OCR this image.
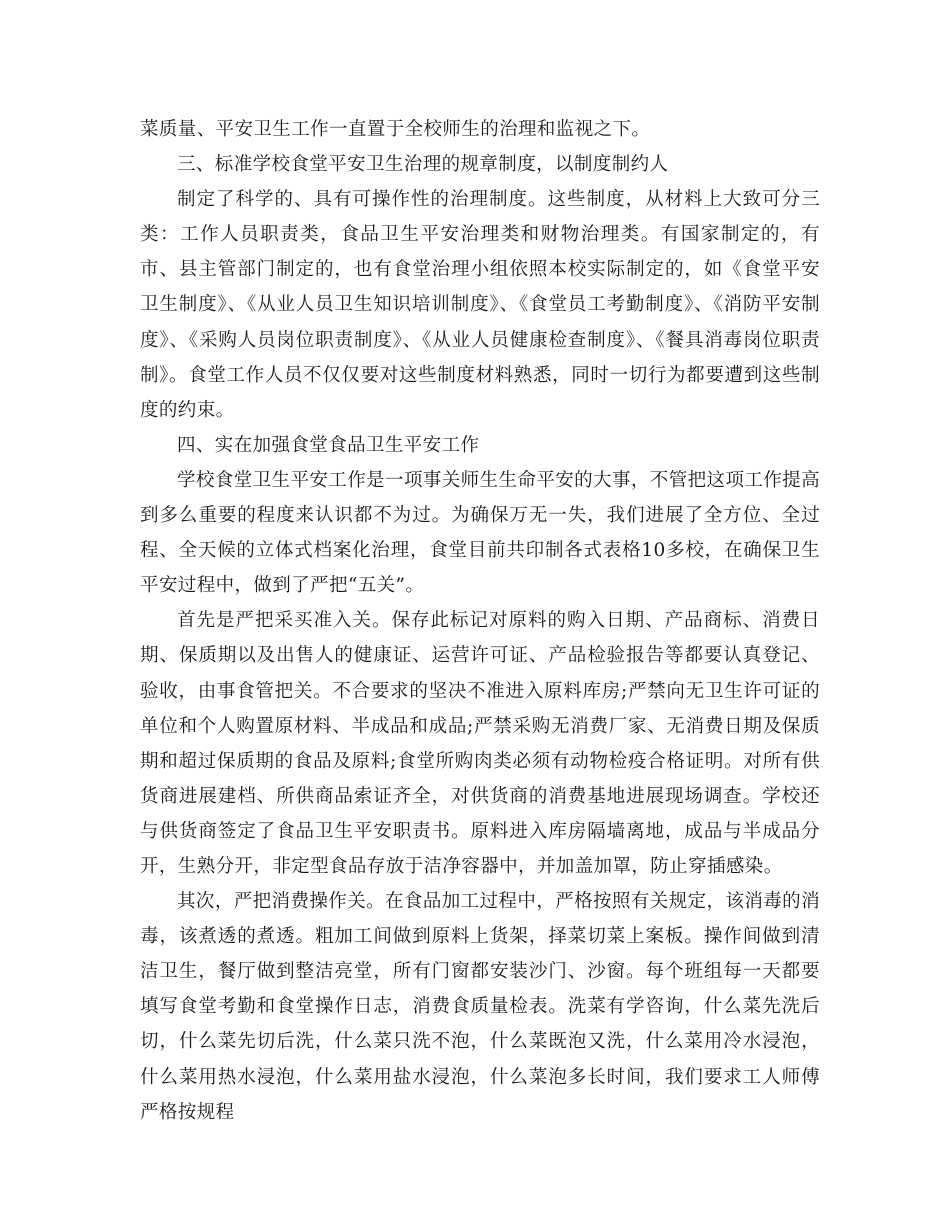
菜质量、平安卫生工作一直置于全校师生的治理和监视之下。

三、标准学校食堂平安卫生治理的规章制度，以制度制约人

制定了科学的、具有可操作性的治理制度。这些制度，从材料上大致可分三类：工作人员职责类，食品卫生平安治理类和财物治理类。有国家制定的，有市、县主管部门制定的，也有食堂治理小组依照本校实际制定的，如《食堂平安卫生制度》、《从业人员卫生知识培训制度》、《食堂员工考勤制度》、《消防平安制度》、《采购人员岗位职责制度》、《从业人员健康检查制度》、《餐具消毒岗位职责制》。食堂工作人员不仅仅要对这些制度材料熟悉，同时一切行为都要遭到这些制度的约束。

四、实在加强食堂食品卫生平安工作

学校食堂卫生平安工作是一项事关师生生命平安的大事，不管把这项工作提高到多么重要的程度来认识都不为过。为确保万无一失，我们进展了全方位、全过程、全天候的立体式档案化治理，食堂目前共印制各式表格10多校，在确保卫生平安过程中，做到了严把“五关”。

首先是严把采买准入关。保存此标记对原料的购入日期、产品商标、消费日期、保质期以及出售人的健康证、运营许可证、产品检验报告等都要认真登记、验收，由事食管把关。不合要求的坚决不准进入原料库房;严禁向无卫生许可证的单位和个人购置原材料、半成品和成品;严禁采购无消费厂家、无消费日期及保质期和超过保质期的食品及原料;食堂所购肉类必须有动物检疫合格证明。对所有供货商进展建档、所供商品索证齐全，对供货商的消费基地进展现场调查。学校还与供货商签定了食品卫生平安职责书。原料进入库房隔墙离地，成品与半成品分开，生熟分开，非定型食品存放于洁净容器中，并加盖加罩，防止穿插感染。

其次，严把消费操作关。在食品加工过程中，严格按照有关规定，该消毒的消毒，该煮透的煮透。粗加工间做到原料上货架，择菜切菜上案板。操作间做到清洁卫生，餐厅做到整洁亮堂，所有门窗都安装沙门、沙窗。每个班组每一天都要填写食堂考勤和食堂操作日志，消费食质量检表。洗菜有学咨询，什么菜先洗后切，什么菜先切后洗，什么菜只洗不泡，什么菜既泡又洗，什么菜用冷水浸泡，什么菜用热水浸泡，什么菜用盐水浸泡，什么菜泡多长时间，我们要求工人师傅严格按规程
